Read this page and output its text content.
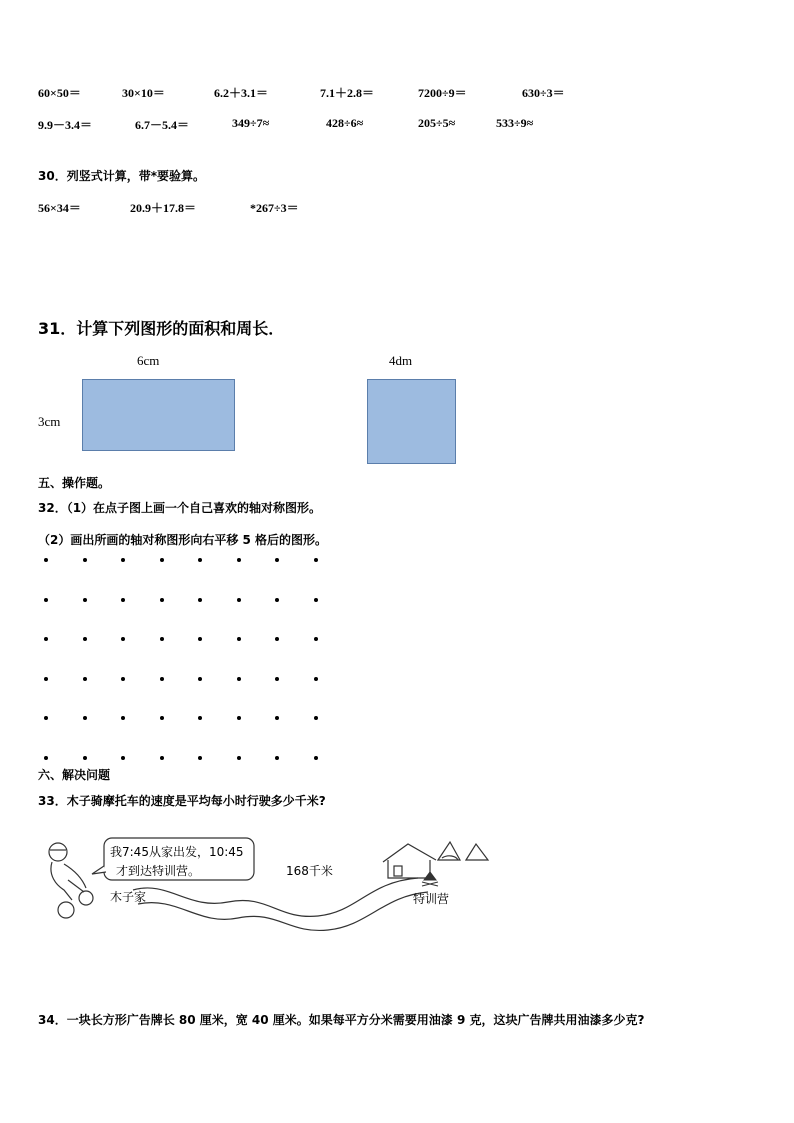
60×50＝	30×10＝	6.2＋3.1＝	7.1＋2.8＝	7200÷9＝	630÷3＝
9.9－3.4＝	6.7－5.4＝	349÷7≈	428÷6≈	205÷5≈	533÷9≈
30．列竖式计算，带*要验算。
56×34＝	20.9＋17.8＝	*267÷3＝
31．计算下列图形的面积和周长．
6cm
3cm
4dm
五、操作题。
32．（1）在点子图上画一个自己喜欢的轴对称图形。
（2）画出所画的轴对称图形向右平移 5 格后的图形。
六、解决问题
33．木子骑摩托车的速度是平均每小时行驶多少千米?
我7:45从家出发，10:45
才到达特训营。	168千米
木子家	特训营
34．一块长方形广告牌长 80 厘米，宽 40 厘米。如果每平方分米需要用油漆 9 克，这块广告牌共用油漆多少克?
